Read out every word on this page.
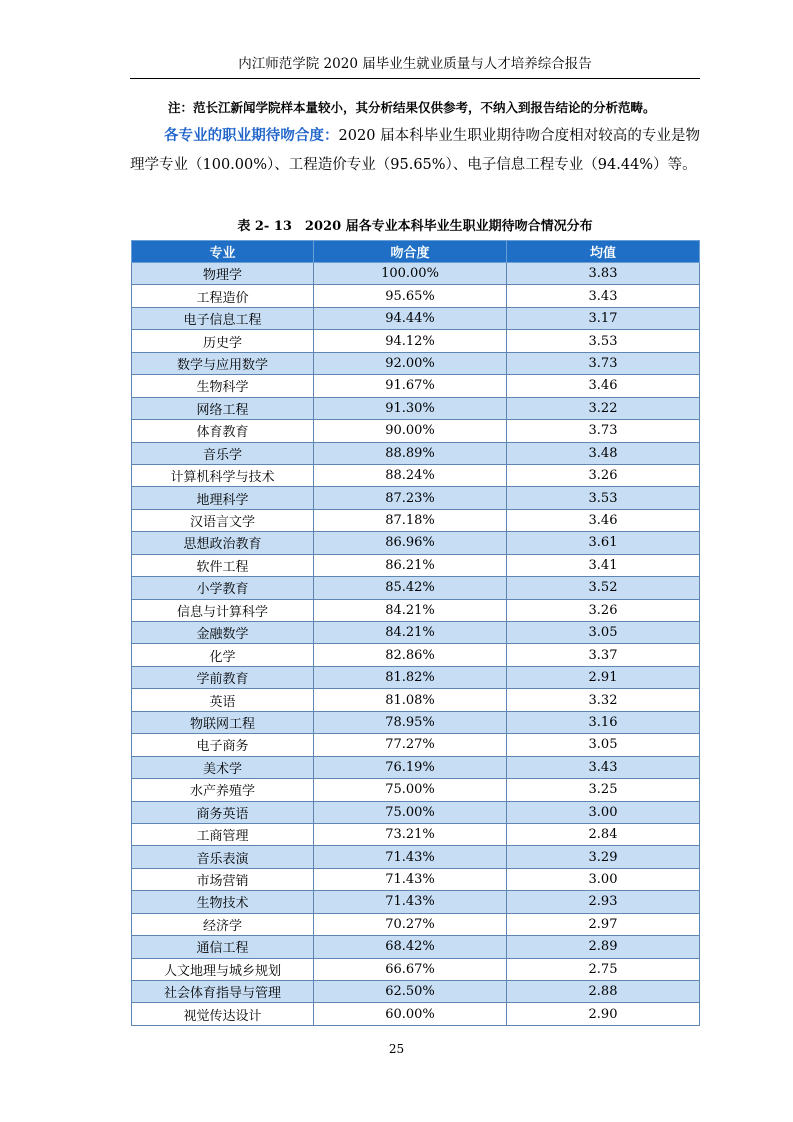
内江师范学院 2020 届毕业生就业质量与人才培养综合报告
注：范长江新闻学院样本量较小，其分析结果仅供参考，不纳入到报告结论的分析范畴。
各专业的职业期待吻合度：2020 届本科毕业生职业期待吻合度相对较高的专业是物理学专业（100.00%）、工程造价专业（95.65%）、电子信息工程专业（94.44%）等。
表 2- 13　2020 届各专业本科毕业生职业期待吻合情况分布
专业	吻合度	均值
物理学	100.00%	3.83
工程造价	95.65%	3.43
电子信息工程	94.44%	3.17
历史学	94.12%	3.53
数学与应用数学	92.00%	3.73
生物科学	91.67%	3.46
网络工程	91.30%	3.22
体育教育	90.00%	3.73
音乐学	88.89%	3.48
计算机科学与技术	88.24%	3.26
地理科学	87.23%	3.53
汉语言文学	87.18%	3.46
思想政治教育	86.96%	3.61
软件工程	86.21%	3.41
小学教育	85.42%	3.52
信息与计算科学	84.21%	3.26
金融数学	84.21%	3.05
化学	82.86%	3.37
学前教育	81.82%	2.91
英语	81.08%	3.32
物联网工程	78.95%	3.16
电子商务	77.27%	3.05
美术学	76.19%	3.43
水产养殖学	75.00%	3.25
商务英语	75.00%	3.00
工商管理	73.21%	2.84
音乐表演	71.43%	3.29
市场营销	71.43%	3.00
生物技术	71.43%	2.93
经济学	70.27%	2.97
通信工程	68.42%	2.89
人文地理与城乡规划	66.67%	2.75
社会体育指导与管理	62.50%	2.88
视觉传达设计	60.00%	2.90
25
